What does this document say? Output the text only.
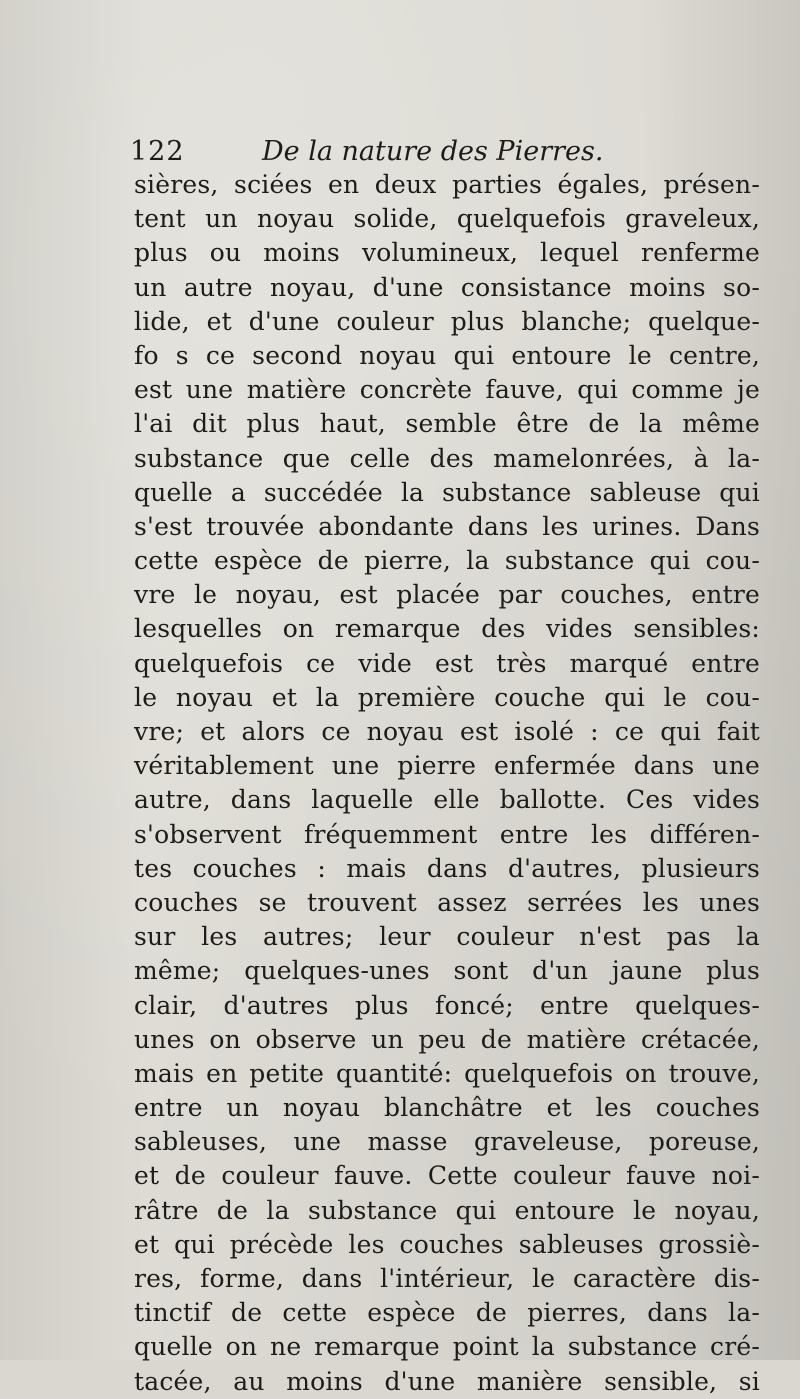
122	De la nature des Pierres.
sières, sciées en deux parties égales, présen-
tent un noyau solide, quelquefois graveleux,
plus ou moins volumineux, lequel renferme
un autre noyau, d'une consistance moins so-
lide, et d'une couleur plus blanche; quelque-
fo s ce second noyau qui entoure le centre,
est une matière concrète fauve, qui comme je
l'ai dit plus haut, semble être de la même
substance que celle des mamelonrées, à la-
quelle a succédée la substance sableuse qui
s'est trouvée abondante dans les urines. Dans
cette espèce de pierre, la substance qui cou-
vre le noyau, est placée par couches, entre
lesquelles on remarque des vides sensibles:
quelquefois ce vide est très marqué entre
le noyau et la première couche qui le cou-
vre; et alors ce noyau est isolé : ce qui fait
véritablement une pierre enfermée dans une
autre, dans laquelle elle ballotte. Ces vides
s'observent fréquemment entre les différen-
tes couches : mais dans d'autres, plusieurs
couches se trouvent assez serrées les unes
sur les autres; leur couleur n'est pas la
même; quelques-unes sont d'un jaune plus
clair, d'autres plus foncé; entre quelques-
unes on observe un peu de matière crétacée,
mais en petite quantité: quelquefois on trouve,
entre un noyau blanchâtre et les couches
sableuses, une masse graveleuse, poreuse,
et de couleur fauve. Cette couleur fauve noi-
râtre de la substance qui entoure le noyau,
et qui précède les couches sableuses grossiè-
res, forme, dans l'intérieur, le caractère dis-
tinctif de cette espèce de pierres, dans la-
quelle on ne remarque point la substance cré-
tacée, au moins d'une manière sensible, si
